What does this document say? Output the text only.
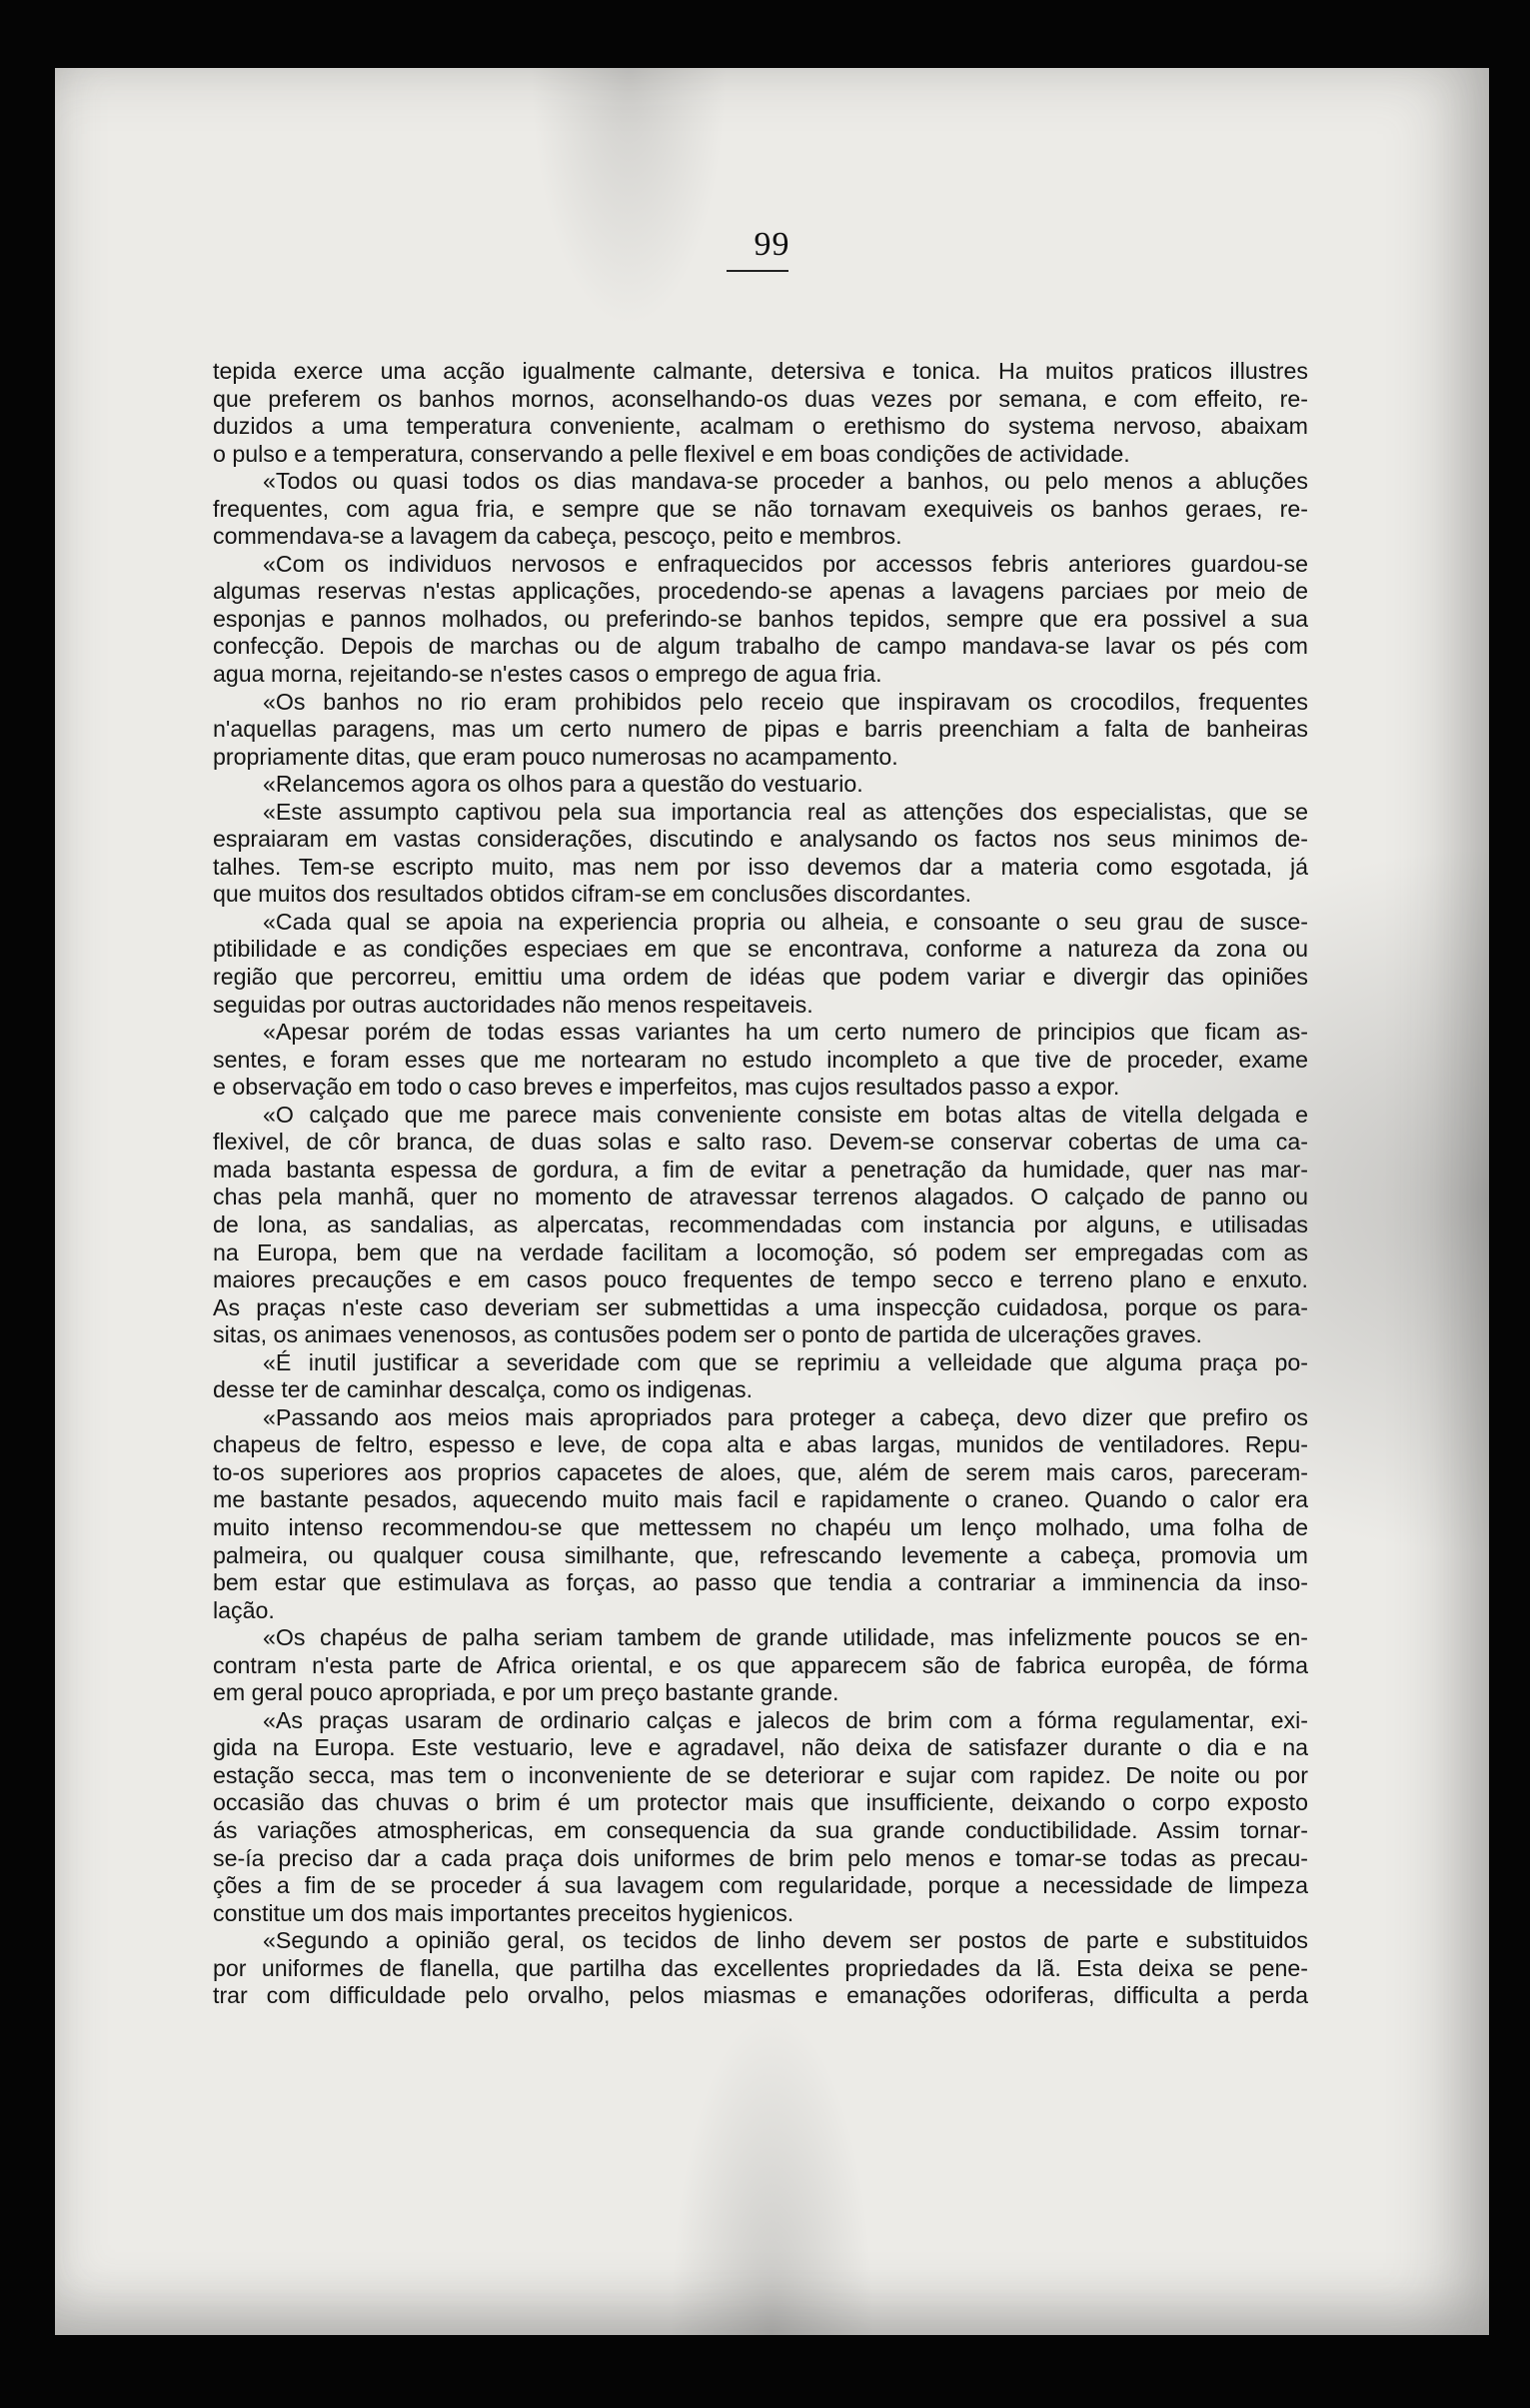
99
tepida exerce uma acção igualmente calmante, detersiva e tonica. Ha muitos praticos illustres
que preferem os banhos mornos, aconselhando-os duas vezes por semana, e com effeito, re-
duzidos a uma temperatura conveniente, acalmam o erethismo do systema nervoso, abaixam
o pulso e a temperatura, conservando a pelle flexivel e em boas condições de actividade.
«Todos ou quasi todos os dias mandava-se proceder a banhos, ou pelo menos a abluções
frequentes, com agua fria, e sempre que se não tornavam exequiveis os banhos geraes, re-
commendava-se a lavagem da cabeça, pescoço, peito e membros.
«Com os individuos nervosos e enfraquecidos por accessos febris anteriores guardou-se
algumas reservas n'estas applicações, procedendo-se apenas a lavagens parciaes por meio de
esponjas e pannos molhados, ou preferindo-se banhos tepidos, sempre que era possivel a sua
confecção. Depois de marchas ou de algum trabalho de campo mandava-se lavar os pés com
agua morna, rejeitando-se n'estes casos o emprego de agua fria.
«Os banhos no rio eram prohibidos pelo receio que inspiravam os crocodilos, frequentes
n'aquellas paragens, mas um certo numero de pipas e barris preenchiam a falta de banheiras
propriamente ditas, que eram pouco numerosas no acampamento.
«Relancemos agora os olhos para a questão do vestuario.
«Este assumpto captivou pela sua importancia real as attenções dos especialistas, que se
espraiaram em vastas considerações, discutindo e analysando os factos nos seus minimos de-
talhes. Tem-se escripto muito, mas nem por isso devemos dar a materia como esgotada, já
que muitos dos resultados obtidos cifram-se em conclusões discordantes.
«Cada qual se apoia na experiencia propria ou alheia, e consoante o seu grau de susce-
ptibilidade e as condições especiaes em que se encontrava, conforme a natureza da zona ou
região que percorreu, emittiu uma ordem de idéas que podem variar e divergir das opiniões
seguidas por outras auctoridades não menos respeitaveis.
«Apesar porém de todas essas variantes ha um certo numero de principios que ficam as-
sentes, e foram esses que me nortearam no estudo incompleto a que tive de proceder, exame
e observação em todo o caso breves e imperfeitos, mas cujos resultados passo a expor.
«O calçado que me parece mais conveniente consiste em botas altas de vitella delgada e
flexivel, de côr branca, de duas solas e salto raso. Devem-se conservar cobertas de uma ca-
mada bastanta espessa de gordura, a fim de evitar a penetração da humidade, quer nas mar-
chas pela manhã, quer no momento de atravessar terrenos alagados. O calçado de panno ou
de lona, as sandalias, as alpercatas, recommendadas com instancia por alguns, e utilisadas
na Europa, bem que na verdade facilitam a locomoção, só podem ser empregadas com as
maiores precauções e em casos pouco frequentes de tempo secco e terreno plano e enxuto.
As praças n'este caso deveriam ser submettidas a uma inspecção cuidadosa, porque os para-
sitas, os animaes venenosos, as contusões podem ser o ponto de partida de ulcerações graves.
«É inutil justificar a severidade com que se reprimiu a velleidade que alguma praça po-
desse ter de caminhar descalça, como os indigenas.
«Passando aos meios mais apropriados para proteger a cabeça, devo dizer que prefiro os
chapeus de feltro, espesso e leve, de copa alta e abas largas, munidos de ventiladores. Repu-
to-os superiores aos proprios capacetes de aloes, que, além de serem mais caros, pareceram-
me bastante pesados, aquecendo muito mais facil e rapidamente o craneo. Quando o calor era
muito intenso recommendou-se que mettessem no chapéu um lenço molhado, uma folha de
palmeira, ou qualquer cousa similhante, que, refrescando levemente a cabeça, promovia um
bem estar que estimulava as forças, ao passo que tendia a contrariar a imminencia da inso-
lação.
«Os chapéus de palha seriam tambem de grande utilidade, mas infelizmente poucos se en-
contram n'esta parte de Africa oriental, e os que apparecem são de fabrica europêa, de fórma
em geral pouco apropriada, e por um preço bastante grande.
«As praças usaram de ordinario calças e jalecos de brim com a fórma regulamentar, exi-
gida na Europa. Este vestuario, leve e agradavel, não deixa de satisfazer durante o dia e na
estação secca, mas tem o inconveniente de se deteriorar e sujar com rapidez. De noite ou por
occasião das chuvas o brim é um protector mais que insufficiente, deixando o corpo exposto
ás variações atmosphericas, em consequencia da sua grande conductibilidade. Assim tornar-
se-ía preciso dar a cada praça dois uniformes de brim pelo menos e tomar-se todas as precau-
ções a fim de se proceder á sua lavagem com regularidade, porque a necessidade de limpeza
constitue um dos mais importantes preceitos hygienicos.
«Segundo a opinião geral, os tecidos de linho devem ser postos de parte e substituidos
por uniformes de flanella, que partilha das excellentes propriedades da lã. Esta deixa se pene-
trar com difficuldade pelo orvalho, pelos miasmas e emanações odoriferas, difficulta a perda
